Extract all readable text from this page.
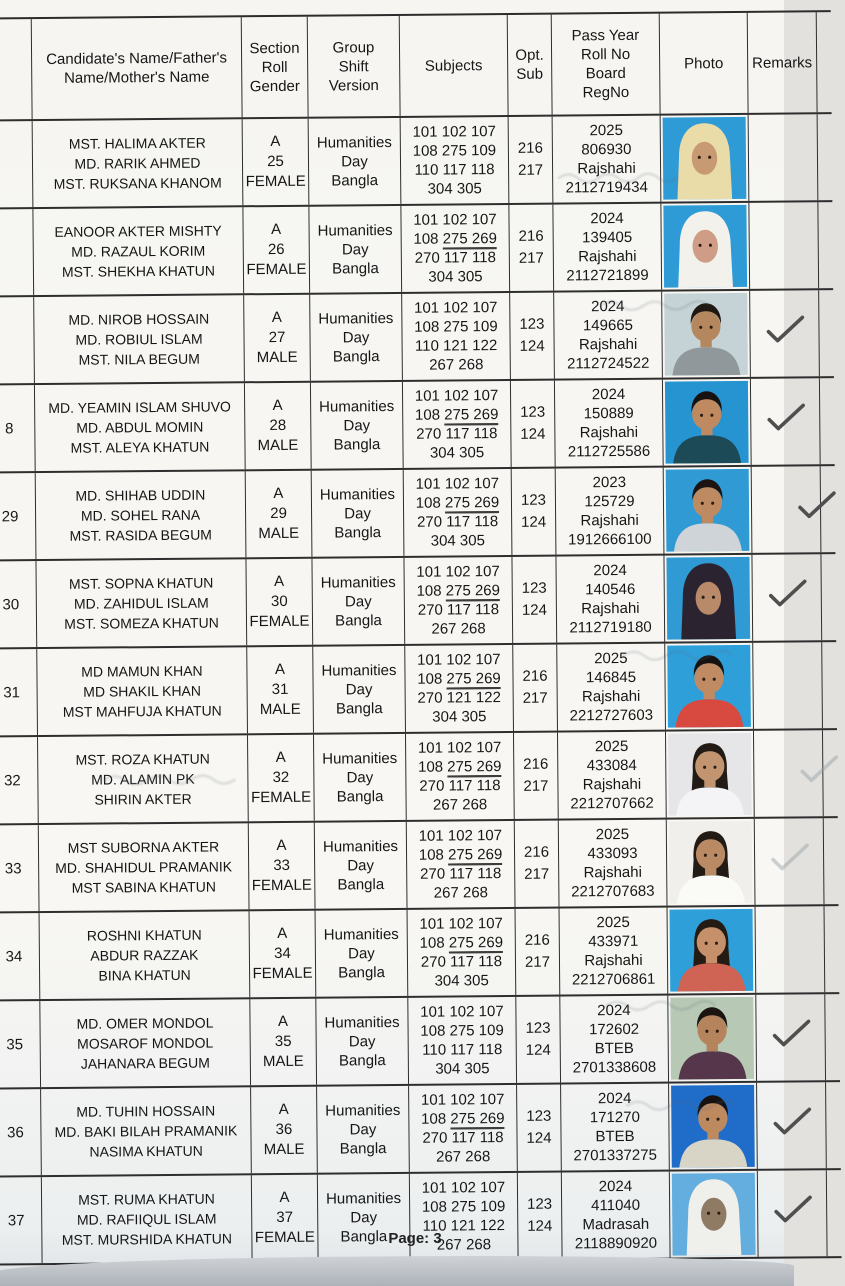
Candidate's Name/Father's
Name/Mother's Name
Section
Roll
Gender
Group
Shift
Version
Subjects
Opt.
Sub
Pass Year
Roll No
Board
RegNo
Photo Remarks
MST. HALIMA AKTER
MD. RARIK AHMED
MST. RUKSANA KHANOM
A
25
FEMALE
Humanities
Day
Bangla
101 102 107
108 275 109
110 117 118
304 305
216
217
2025
806930
Rajshahi
2112719434
EANOOR AKTER MISHTY
MD. RAZAUL KORIM
MST. SHEKHA KHATUN
A
26
FEMALE
Humanities
Day
Bangla
101 102 107
108 275 269
270 117 118
304 305
216
217
2024
139405
Rajshahi
2112721899
MD. NIROB HOSSAIN
MD. ROBIUL ISLAM
MST. NILA BEGUM
A
27
MALE
Humanities
Day
Bangla
101 102 107
108 275 109
110 121 122
267 268
123
124
2024
149665
Rajshahi
2112724522
8
MD. YEAMIN ISLAM SHUVO
MD. ABDUL MOMIN
MST. ALEYA KHATUN
A
28
MALE
Humanities
Day
Bangla
101 102 107
108 275 269
270 117 118
304 305
123
124
2024
150889
Rajshahi
2112725586
29
MD. SHIHAB UDDIN
MD. SOHEL RANA
MST. RASIDA BEGUM
A
29
MALE
Humanities
Day
Bangla
101 102 107
108 275 269
270 117 118
304 305
123
124
2023
125729
Rajshahi
1912666100
30
MST. SOPNA KHATUN
MD. ZAHIDUL ISLAM
MST. SOMEZA KHATUN
A
30
FEMALE
Humanities
Day
Bangla
101 102 107
108 275 269
270 117 118
267 268
123
124
2024
140546
Rajshahi
2112719180
31
MD MAMUN KHAN
MD SHAKIL KHAN
MST MAHFUJA KHATUN
A
31
MALE
Humanities
Day
Bangla
101 102 107
108 275 269
270 121 122
304 305
216
217
2025
146845
Rajshahi
2212727603
32
MST. ROZA KHATUN
MD. ALAMIN PK
SHIRIN AKTER
A
32
FEMALE
Humanities
Day
Bangla
101 102 107
108 275 269
270 117 118
267 268
216
217
2025
433084
Rajshahi
2212707662
33
MST SUBORNA AKTER
MD. SHAHIDUL PRAMANIK
MST SABINA KHATUN
A
33
FEMALE
Humanities
Day
Bangla
101 102 107
108 275 269
270 117 118
267 268
216
217
2025
433093
Rajshahi
2212707683
34
ROSHNI KHATUN
ABDUR RAZZAK
BINA KHATUN
A
34
FEMALE
Humanities
Day
Bangla
101 102 107
108 275 269
270 117 118
304 305
216
217
2025
433971
Rajshahi
2212706861
35
MD. OMER MONDOL
MOSAROF MONDOL
JAHANARA BEGUM
A
35
MALE
Humanities
Day
Bangla
101 102 107
108 275 109
110 117 118
304 305
123
124
2024
172602
BTEB
2701338608
36
MD. TUHIN HOSSAIN
MD. BAKI BILAH PRAMANIK
NASIMA KHATUN
A
36
MALE
Humanities
Day
Bangla
101 102 107
108 275 269
270 117 118
267 268
123
124
2024
171270
BTEB
2701337275
37
MST. RUMA KHATUN
MD. RAFIIQUL ISLAM
MST. MURSHIDA KHATUN
A
37
FEMALE
Humanities
Day
Bangla
101 102 107
108 275 109
110 121 122
267 268
123
124
2024
411040
Madrasah
2118890920
Page: 3
